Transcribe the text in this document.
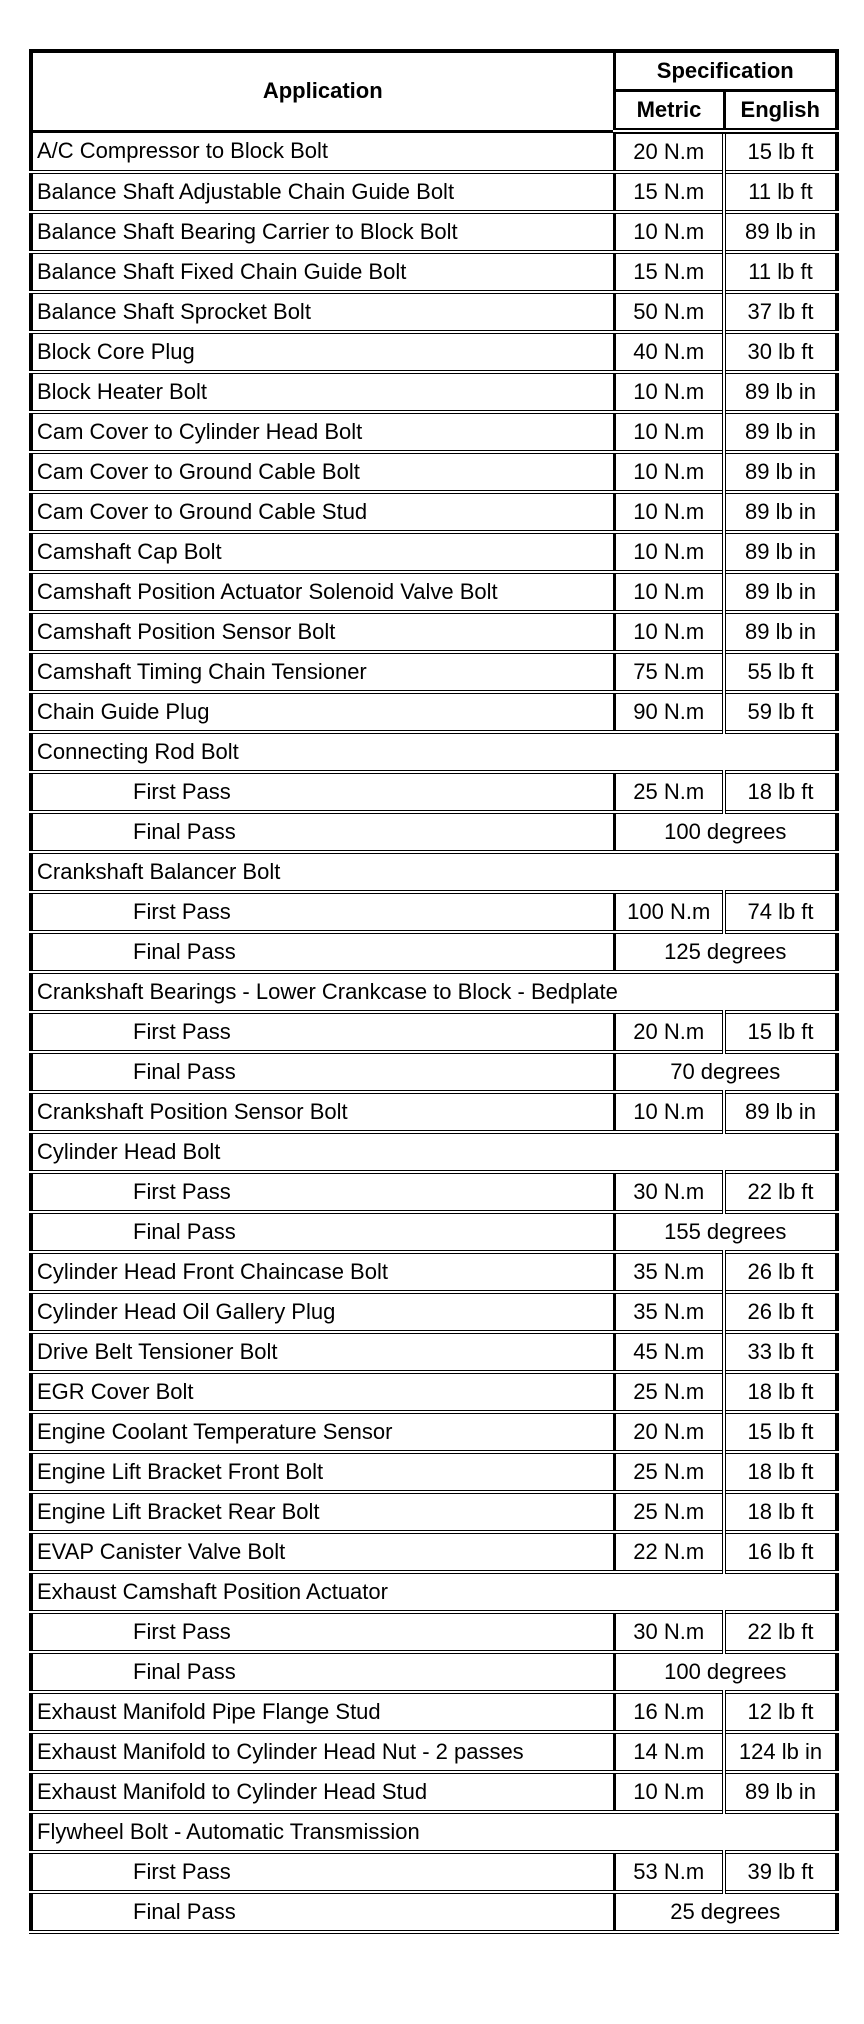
Application	Specification	
	Metric	English
A/C Compressor to Block Bolt	20 N.m	15 lb ft
Balance Shaft Adjustable Chain Guide Bolt	15 N.m	11 lb ft
Balance Shaft Bearing Carrier to Block Bolt	10 N.m	89 lb in
Balance Shaft Fixed Chain Guide Bolt	15 N.m	11 lb ft
Balance Shaft Sprocket Bolt	50 N.m	37 lb ft
Block Core Plug	40 N.m	30 lb ft
Block Heater Bolt	10 N.m	89 lb in
Cam Cover to Cylinder Head Bolt	10 N.m	89 lb in
Cam Cover to Ground Cable Bolt	10 N.m	89 lb in
Cam Cover to Ground Cable Stud	10 N.m	89 lb in
Camshaft Cap Bolt	10 N.m	89 lb in
Camshaft Position Actuator Solenoid Valve Bolt	10 N.m	89 lb in
Camshaft Position Sensor Bolt	10 N.m	89 lb in
Camshaft Timing Chain Tensioner	75 N.m	55 lb ft
Chain Guide Plug	90 N.m	59 lb ft
Connecting Rod Bolt		
First Pass	25 N.m	18 lb ft
Final Pass	100 degrees	
Crankshaft Balancer Bolt		
First Pass	100 N.m	74 lb ft
Final Pass	125 degrees	
Crankshaft Bearings - Lower Crankcase to Block - Bedplate		
First Pass	20 N.m	15 lb ft
Final Pass	70 degrees	
Crankshaft Position Sensor Bolt	10 N.m	89 lb in
Cylinder Head Bolt		
First Pass	30 N.m	22 lb ft
Final Pass	155 degrees	
Cylinder Head Front Chaincase Bolt	35 N.m	26 lb ft
Cylinder Head Oil Gallery Plug	35 N.m	26 lb ft
Drive Belt Tensioner Bolt	45 N.m	33 lb ft
EGR Cover Bolt	25 N.m	18 lb ft
Engine Coolant Temperature Sensor	20 N.m	15 lb ft
Engine Lift Bracket Front Bolt	25 N.m	18 lb ft
Engine Lift Bracket Rear Bolt	25 N.m	18 lb ft
EVAP Canister Valve Bolt	22 N.m	16 lb ft
Exhaust Camshaft Position Actuator		
First Pass	30 N.m	22 lb ft
Final Pass	100 degrees	
Exhaust Manifold Pipe Flange Stud	16 N.m	12 lb ft
Exhaust Manifold to Cylinder Head Nut - 2 passes	14 N.m	124 lb in
Exhaust Manifold to Cylinder Head Stud	10 N.m	89 lb in
Flywheel Bolt - Automatic Transmission		
First Pass	53 N.m	39 lb ft
Final Pass	25 degrees	
